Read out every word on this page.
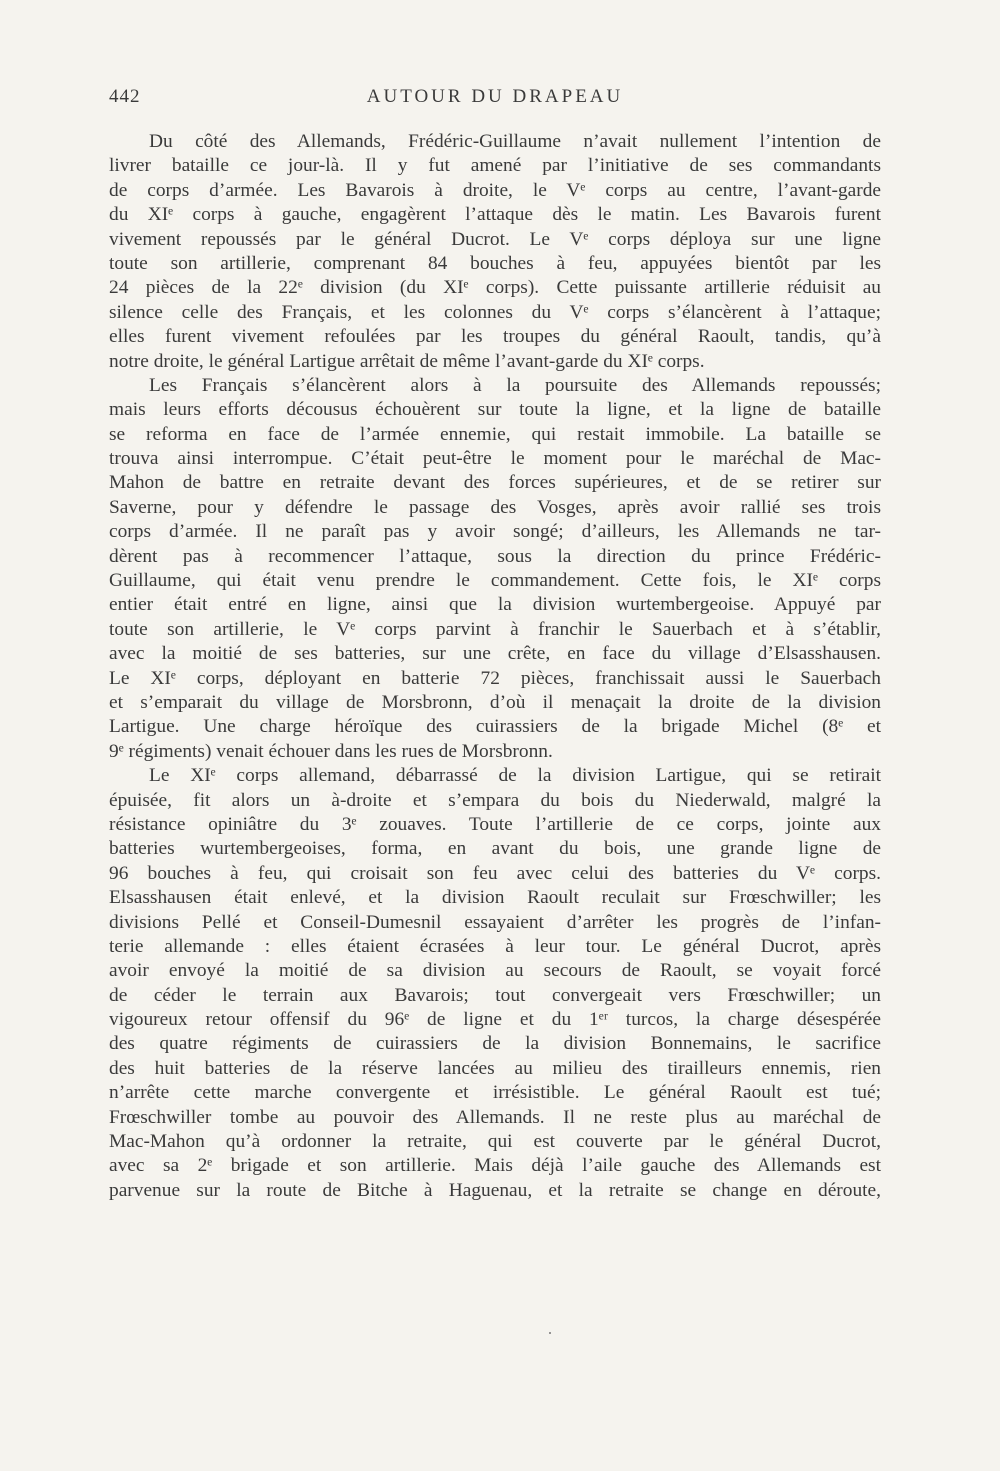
442	AUTOUR DU DRAPEAU
Du côté des Allemands, Frédéric-Guillaume n’avait nullement l’intention de
livrer bataille ce jour-là. Il y fut amené par l’initiative de ses commandants
de corps d’armée. Les Bavarois à droite, le Vᵉ corps au centre, l’avant-garde
du XIᵉ corps à gauche, engagèrent l’attaque dès le matin. Les Bavarois furent
vivement repoussés par le général Ducrot. Le Vᵉ corps déploya sur une ligne
toute son artillerie, comprenant 84 bouches à feu, appuyées bientôt par les
24 pièces de la 22ᵉ division (du XIᵉ corps). Cette puissante artillerie réduisit au
silence celle des Français, et les colonnes du Vᵉ corps s’élancèrent à l’attaque;
elles furent vivement refoulées par les troupes du général Raoult, tandis, qu’à
notre droite, le général Lartigue arrêtait de même l’avant-garde du XIᵉ corps.
Les Français s’élancèrent alors à la poursuite des Allemands repoussés;
mais leurs efforts décousus échouèrent sur toute la ligne, et la ligne de bataille
se reforma en face de l’armée ennemie, qui restait immobile. La bataille se
trouva ainsi interrompue. C’était peut-être le moment pour le maréchal de Mac-
Mahon de battre en retraite devant des forces supérieures, et de se retirer sur
Saverne, pour y défendre le passage des Vosges, après avoir rallié ses trois
corps d’armée. Il ne paraît pas y avoir songé; d’ailleurs, les Allemands ne tar-
dèrent pas à recommencer l’attaque, sous la direction du prince Frédéric-
Guillaume, qui était venu prendre le commandement. Cette fois, le XIᵉ corps
entier était entré en ligne, ainsi que la division wurtembergeoise. Appuyé par
toute son artillerie, le Vᵉ corps parvint à franchir le Sauerbach et à s’établir,
avec la moitié de ses batteries, sur une crête, en face du village d’Elsasshausen.
Le XIᵉ corps, déployant en batterie 72 pièces, franchissait aussi le Sauerbach
et s’emparait du village de Morsbronn, d’où il menaçait la droite de la division
Lartigue. Une charge héroïque des cuirassiers de la brigade Michel (8ᵉ et
9ᵉ régiments) venait échouer dans les rues de Morsbronn.
Le XIᵉ corps allemand, débarrassé de la division Lartigue, qui se retirait
épuisée, fit alors un à-droite et s’empara du bois du Niederwald, malgré la
résistance opiniâtre du 3ᵉ zouaves. Toute l’artillerie de ce corps, jointe aux
batteries wurtembergeoises, forma, en avant du bois, une grande ligne de
96 bouches à feu, qui croisait son feu avec celui des batteries du Vᵉ corps.
Elsasshausen était enlevé, et la division Raoult reculait sur Frœschwiller; les
divisions Pellé et Conseil-Dumesnil essayaient d’arrêter les progrès de l’infan-
terie allemande : elles étaient écrasées à leur tour. Le général Ducrot, après
avoir envoyé la moitié de sa division au secours de Raoult, se voyait forcé
de céder le terrain aux Bavarois; tout convergeait vers Frœschwiller; un
vigoureux retour offensif du 96ᵉ de ligne et du 1ᵉʳ turcos, la charge désespérée
des quatre régiments de cuirassiers de la division Bonnemains, le sacrifice
des huit batteries de la réserve lancées au milieu des tirailleurs ennemis, rien
n’arrête cette marche convergente et irrésistible. Le général Raoult est tué;
Frœschwiller tombe au pouvoir des Allemands. Il ne reste plus au maréchal de
Mac-Mahon qu’à ordonner la retraite, qui est couverte par le général Ducrot,
avec sa 2ᵉ brigade et son artillerie. Mais déjà l’aile gauche des Allemands est
parvenue sur la route de Bitche à Haguenau, et la retraite se change en déroute,
